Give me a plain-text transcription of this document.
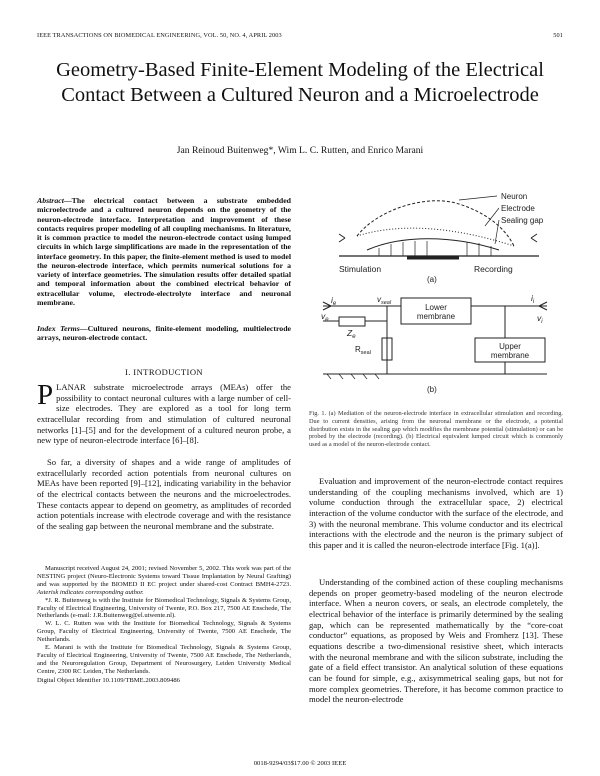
IEEE TRANSACTIONS ON BIOMEDICAL ENGINEERING, VOL. 50, NO. 4, APRIL 2003	501
Geometry-Based Finite-Element Modeling of the Electrical Contact Between a Cultured Neuron and a Microelectrode
Jan Reinoud Buitenweg*, Wim L. C. Rutten, and Enrico Marani
Abstract—The electrical contact between a substrate embedded microelectrode and a cultured neuron depends on the geometry of the neuron-electrode interface. Interpretation and improvement of these contacts requires proper modeling of all coupling mechanisms. In literature, it is common practice to model the neuron-electrode contact using lumped circuits in which large simplifications are made in the representation of the interface geometry. In this paper, the finite-element method is used to model the neuron-electrode interface, which permits numerical solutions for a variety of interface geometries. The simulation results offer detailed spatial and temporal information about the combined electrical behavior of extracellular volume, electrode-electrolyte interface and neuronal membrane.
Index Terms—Cultured neurons, finite-element modeling, multielectrode arrays, neuron-electrode contact.
I. INTRODUCTION
PLANAR substrate microelectrode arrays (MEAs) offer the possibility to contact neuronal cultures with a large number of cell-size electrodes. They are explored as a tool for long term extracellular recording from and stimulation of cultured neuronal networks [1]–[5] and for the development of a cultured neuron probe, a new type of neuron-electrode interface [6]–[8].
So far, a diversity of shapes and a wide range of amplitudes of extracellularly recorded action potentials from neuronal cultures on MEAs have been reported [9]–[12], indicating variability in the behavior of the electrical contacts between the neurons and the microelectrodes. These contacts appear to depend on geometry, as amplitudes of recorded action potentials increase with electrode coverage and with the resistance of the sealing gap between the neuronal membrane and the substrate.

Manuscript received August 24, 2001; revised November 5, 2002. This work was part of the NESTING project (Neuro-Electronic Systems toward Tissue Implantation by Neural Grafting) and was supported by the BIOMED II EC project under shared-cost Contract BMH4-2723. Asterisk indicates corresponding author.

*J. R. Buitenweg is with the Institute for Biomedical Technology, Signals & Systems Group, Faculty of Electrical Engineering, University of Twente, P.O. Box 217, 7500 AE Enschede, The Netherlands (e-mail: J.R.Buitenweg@el.utwente.nl).

W. L. C. Rutten was with the Institute for Biomedical Technology, Signals & Systems Group, Faculty of Electrical Engineering, University of Twente, 7500 AE Enschede, The Netherlands.

E. Marani is with the Institute for Biomedical Technology, Signals & Systems Group, Faculty of Electrical Engineering, University of Twente, 7500 AE Enschede, The Netherlands, and the Neuroregulation Group, Department of Neurosurgery, Leiden University Medical Centre, 2300 RC Leiden, The Netherlands.

Digital Object Identifier 10.1109/TBME.2003.809486

Neuron
Electrode
Sealing gap
Stimulation	Recording
(a)
$i_e$
$v_e$
$v_{seal}$
$Z_e$
$R_{seal}$
Lower
membrane
Upper
membrane
$i_i$
$v_i$
(b)
Fig. 1. (a) Mediation of the neuron-electrode interface in extracellular stimulation and recording. Due to current densities, arising from the neuronal membrane or the electrode, a potential distribution exists in the sealing gap which modifies the membrane potential (stimulation) or can be probed by the electrode (recording). (b) Electrical equivalent lumped circuit which is commonly used as a model of the neuron-electrode contact.
Evaluation and improvement of the neuron-electrode contact requires understanding of the coupling mechanisms involved, which are 1) volume conduction through the extracellular space, 2) electrical interaction of the volume conductor with the surface of the electrode, and 3) with the neuronal membrane. This volume conductor and its electrical interactions with the electrode and the neuron is the primary subject of this paper and it is called the neuron-electrode interface [Fig. 1(a)].
Understanding of the combined action of these coupling mechanisms depends on proper geometry-based modeling of the neuron electrode interface. When a neuron covers, or seals, an electrode completely, the electrical behavior of the interface is primarily determined by the sealing gap, which can be represented mathematically by the “core-coat conductor” equations, as proposed by Weis and Fromherz [13]. These equations describe a two-dimensional resistive sheet, which interacts with the neuronal membrane and with the silicon substrate, including the gate of a field effect transistor. An analytical solution of these equations can be found for simple, e.g., axisymmetrical sealing gaps, but not for more complex geometries. Therefore, it has become common practice to model the neuron-electrode
0018-9294/03$17.00 © 2003 IEEE
